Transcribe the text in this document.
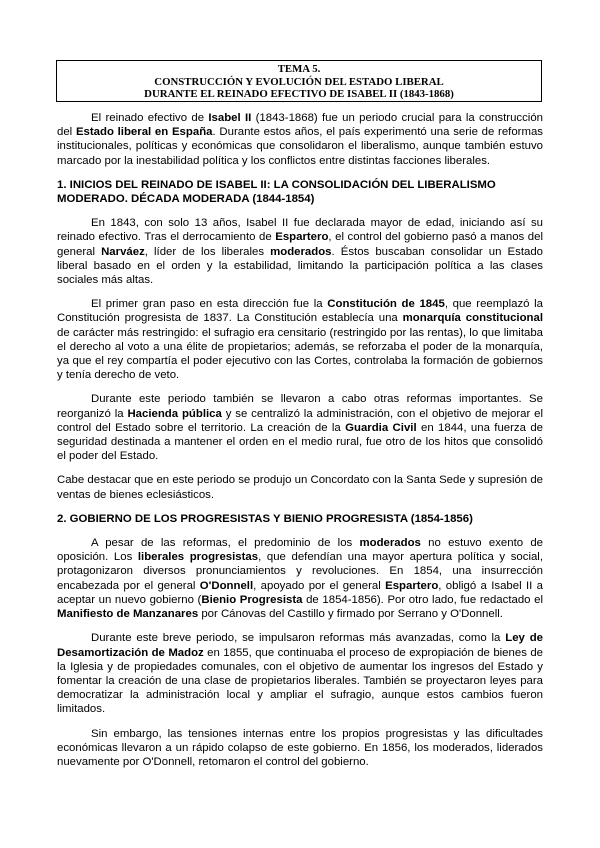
TEMA 5.
CONSTRUCCIÓN Y EVOLUCIÓN DEL ESTADO LIBERAL
DURANTE EL REINADO EFECTIVO DE ISABEL II (1843-1868)

El reinado efectivo de Isabel II (1843-1868) fue un periodo crucial para la construcción del Estado liberal en España. Durante estos años, el país experimentó una serie de reformas institucionales, políticas y económicas que consolidaron el liberalismo, aunque también estuvo marcado por la inestabilidad política y los conflictos entre distintas facciones liberales.

1. INICIOS DEL REINADO DE ISABEL II: LA CONSOLIDACIÓN DEL LIBERALISMO MODERADO. DÉCADA MODERADA (1844-1854)

En 1843, con solo 13 años, Isabel II fue declarada mayor de edad, iniciando así su reinado efectivo. Tras el derrocamiento de Espartero, el control del gobierno pasó a manos del general Narváez, líder de los liberales moderados. Éstos buscaban consolidar un Estado liberal basado en el orden y la estabilidad, limitando la participación política a las clases sociales más altas.

El primer gran paso en esta dirección fue la Constitución de 1845, que reemplazó la Constitución progresista de 1837. La Constitución establecía una monarquía constitucional de carácter más restringido: el sufragio era censitario (restringido por las rentas), lo que limitaba el derecho al voto a una élite de propietarios; además, se reforzaba el poder de la monarquía, ya que el rey compartía el poder ejecutivo con las Cortes, controlaba la formación de gobiernos y tenía derecho de veto.

Durante este periodo también se llevaron a cabo otras reformas importantes. Se reorganizó la Hacienda pública y se centralizó la administración, con el objetivo de mejorar el control del Estado sobre el territorio. La creación de la Guardia Civil en 1844, una fuerza de seguridad destinada a mantener el orden en el medio rural, fue otro de los hitos que consolidó el poder del Estado.

Cabe destacar que en este periodo se produjo un Concordato con la Santa Sede y supresión de ventas de bienes eclesiásticos.

2. GOBIERNO DE LOS PROGRESISTAS Y BIENIO PROGRESISTA (1854-1856)

A pesar de las reformas, el predominio de los moderados no estuvo exento de oposición. Los liberales progresistas, que defendían una mayor apertura política y social, protagonizaron diversos pronunciamientos y revoluciones. En 1854, una insurrección encabezada por el general O'Donnell, apoyado por el general Espartero, obligó a Isabel II a aceptar un nuevo gobierno (Bienio Progresista de 1854-1856). Por otro lado, fue redactado el Manifiesto de Manzanares por Cánovas del Castillo y firmado por Serrano y O'Donnell.

Durante este breve periodo, se impulsaron reformas más avanzadas, como la Ley de Desamortización de Madoz en 1855, que continuaba el proceso de expropiación de bienes de la Iglesia y de propiedades comunales, con el objetivo de aumentar los ingresos del Estado y fomentar la creación de una clase de propietarios liberales. También se proyectaron leyes para democratizar la administración local y ampliar el sufragio, aunque estos cambios fueron limitados.

Sin embargo, las tensiones internas entre los propios progresistas y las dificultades económicas llevaron a un rápido colapso de este gobierno. En 1856, los moderados, liderados nuevamente por O'Donnell, retomaron el control del gobierno.
